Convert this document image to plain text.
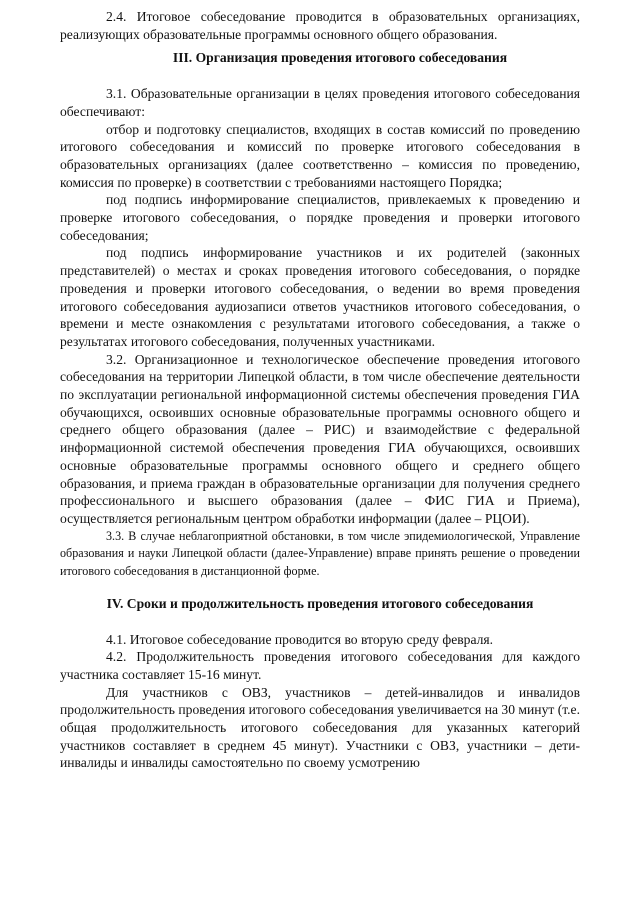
2.4. Итоговое собеседование проводится в образовательных организациях, реализующих образовательные программы основного общего образования.

III. Организация проведения итогового собеседования

3.1. Образовательные организации в целях проведения итогового собеседования обеспечивают:

отбор и подготовку специалистов, входящих в состав комиссий по проведению итогового собеседования и комиссий по проверке итогового собеседования в образовательных организациях (далее соответственно – комиссия по проведению, комиссия по проверке) в соответствии с требованиями настоящего Порядка;

под подпись информирование специалистов, привлекаемых к проведению и проверке итогового собеседования, о порядке проведения и проверки итогового собеседования;

под подпись информирование участников и их родителей (законных представителей) о местах и сроках проведения итогового собеседования, о порядке проведения и проверки итогового собеседования, о ведении во время проведения итогового собеседования аудиозаписи ответов участников итогового собеседования, о времени и месте ознакомления с результатами итогового собеседования, а также о результатах итогового собеседования, полученных участниками.

3.2. Организационное и технологическое обеспечение проведения итогового собеседования на территории Липецкой области, в том числе обеспечение деятельности по эксплуатации региональной информационной системы обеспечения проведения ГИА обучающихся, освоивших основные образовательные программы основного общего и среднего общего образования (далее – РИС) и взаимодействие с федеральной информационной системой обеспечения проведения ГИА обучающихся, освоивших основные образовательные программы основного общего и среднего общего образования, и приема граждан в образовательные организации для получения среднего профессионального и высшего образования (далее – ФИС ГИА и Приема), осуществляется региональным центром обработки информации (далее – РЦОИ).

3.3. В случае неблагоприятной обстановки, в том числе эпидемиологической, Управление образования и науки Липецкой области (далее-Управление) вправе принять решение о проведении итогового собеседования в дистанционной форме.

IV. Сроки и продолжительность проведения итогового собеседования

4.1. Итоговое собеседование проводится во вторую среду февраля.

4.2. Продолжительность проведения итогового собеседования для каждого участника составляет 15-16 минут.

Для участников с ОВЗ, участников – детей-инвалидов и инвалидов продолжительность проведения итогового собеседования увеличивается на 30 минут (т.е. общая продолжительность итогового собеседования для указанных категорий участников составляет в среднем 45 минут). Участники с ОВЗ, участники – дети-инвалиды и инвалиды самостоятельно по своему усмотрению
